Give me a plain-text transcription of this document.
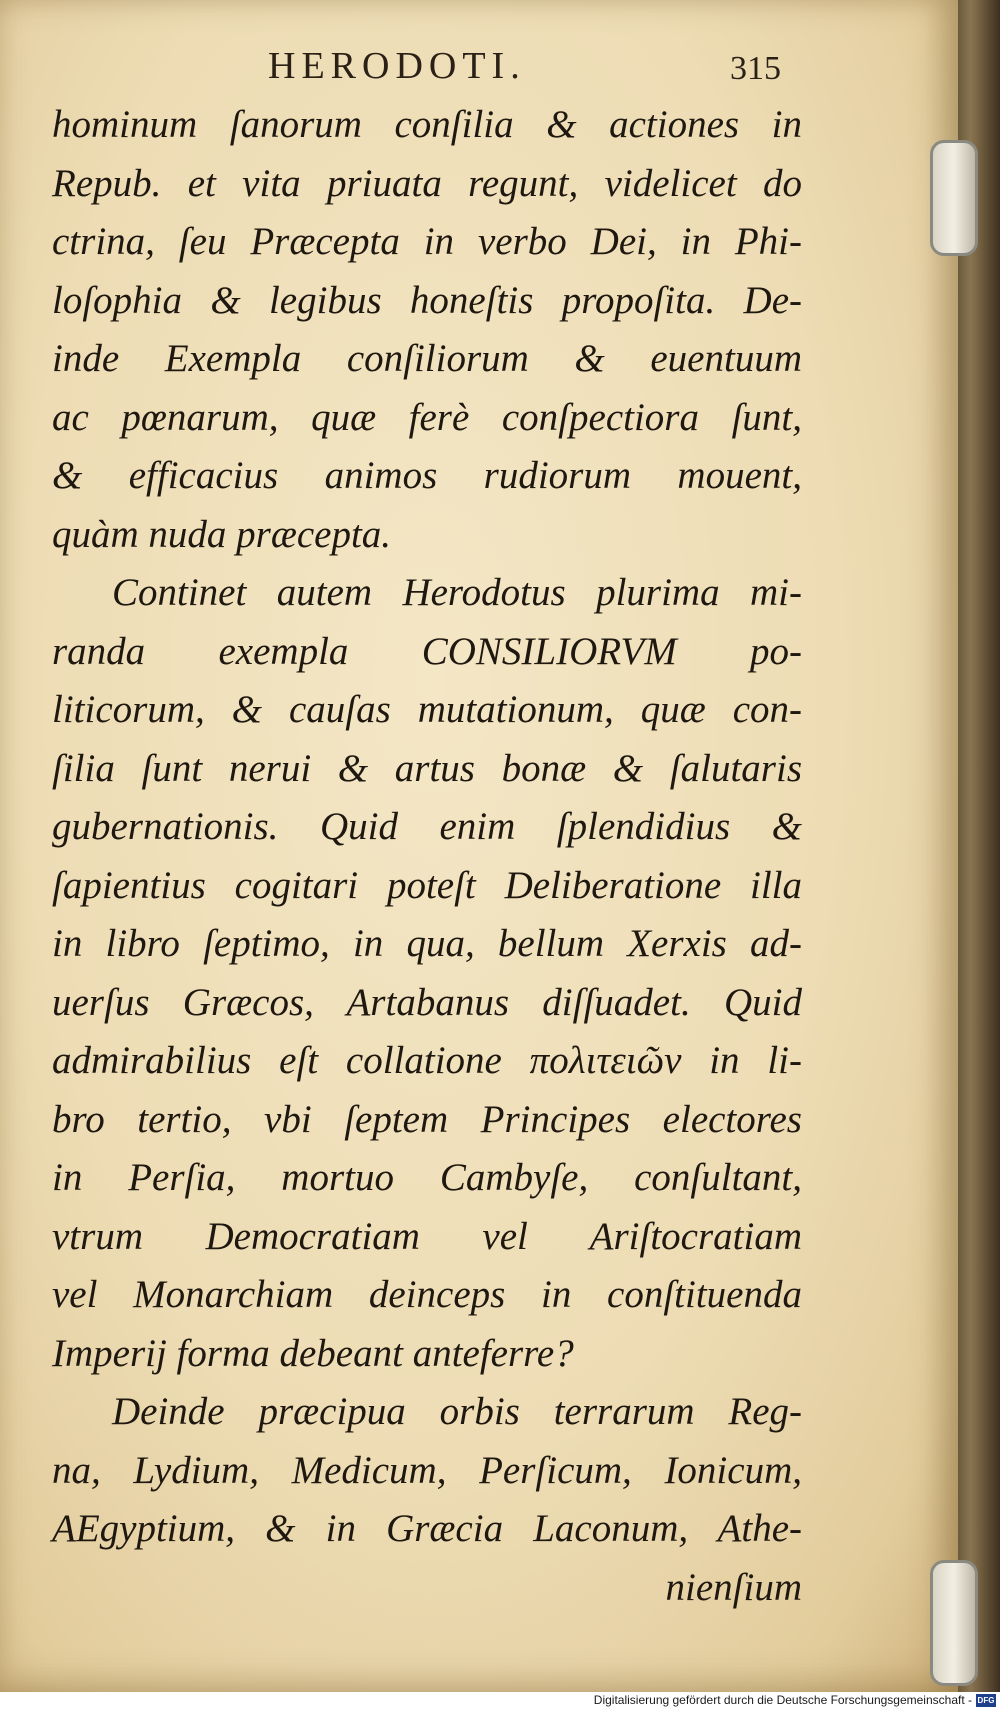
HERODOTI.	315
hominum ſanorum conſilia & actiones in
Repub. et vita priuata regunt, videlicet do
ctrina, ſeu Præcepta in verbo Dei, in Phi-
loſophia & legibus honeſtis propoſita. De-
inde Exempla conſiliorum & euentuum
ac pœnarum, quæ ferè conſpectiora ſunt,
& efficacius animos rudiorum mouent,
quàm nuda præcepta.
Continet autem Herodotus plurima mi-
randa exempla CONSILIORVM po-
liticorum, & cauſas mutationum, quæ con-
ſilia ſunt nerui & artus bonæ & ſalutaris
gubernationis. Quid enim ſplendidius &
ſapientius cogitari poteſt Deliberatione illa
in libro ſeptimo, in qua, bellum Xerxis ad-
uerſus Græcos, Artabanus diſſuadet. Quid
admirabilius eſt collatione πολιτειῶν in li-
bro tertio, vbi ſeptem Principes electores
in Perſia, mortuo Cambyſe, conſultant,
vtrum Democratiam vel Ariſtocratiam
vel Monarchiam deinceps in conſtituenda
Imperij forma debeant anteferre?
Deinde præcipua orbis terrarum Reg-
na, Lydium, Medicum, Perſicum, Ionicum,
AEgyptium, & in Græcia Laconum, Athe-
nienſium
Digitalisierung gefördert durch die Deutsche Forschungsgemeinschaft - DFG
